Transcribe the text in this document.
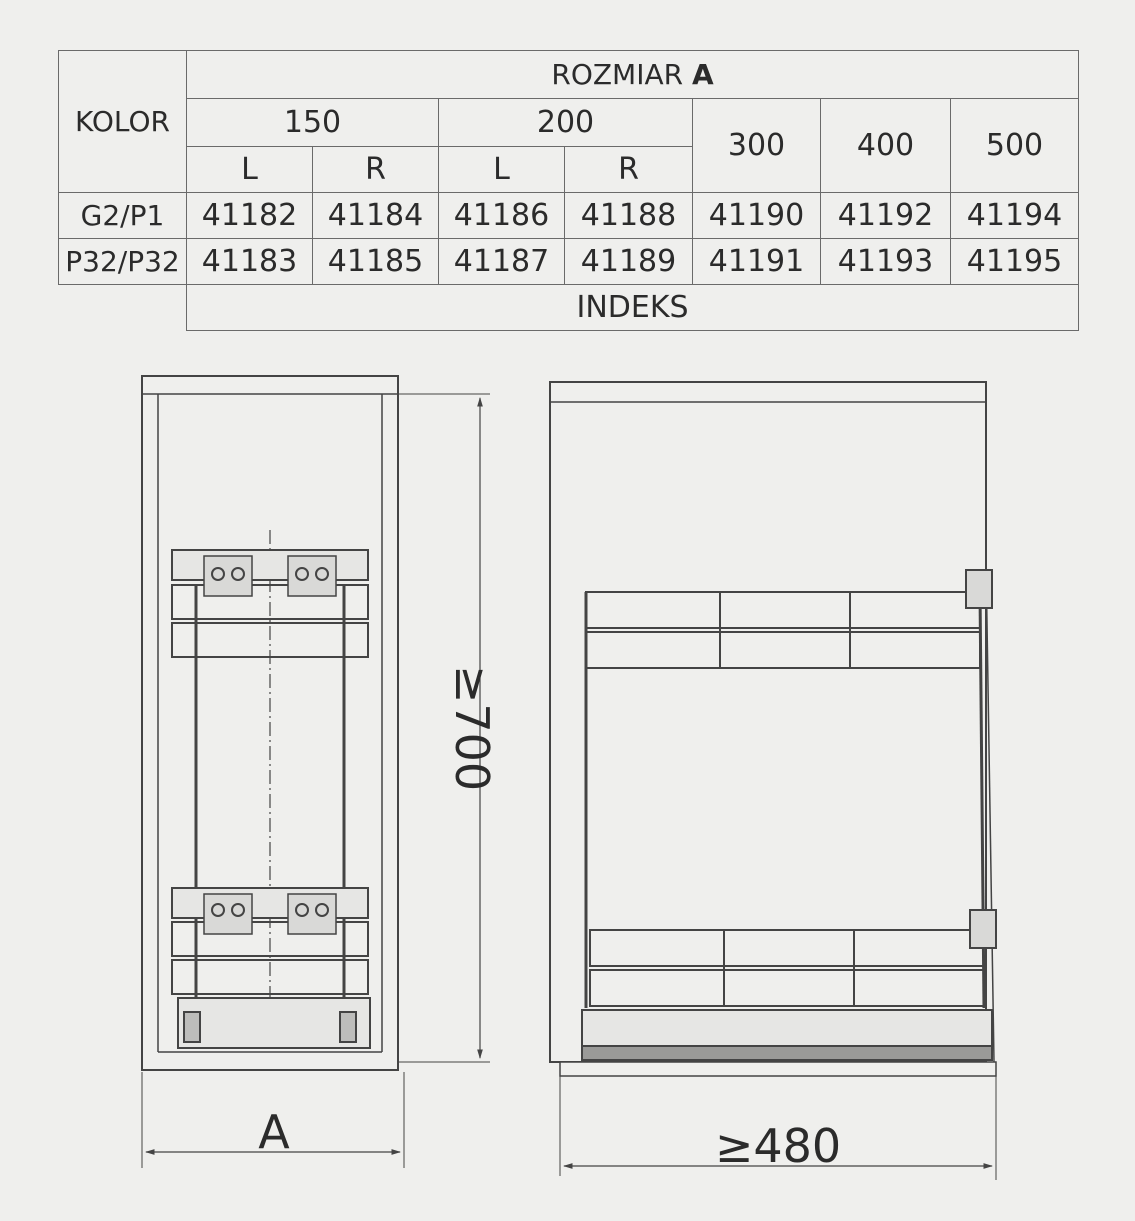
KOLOR	ROZMIAR A						
	150		200		300	400	500
	L	R	L	R			
G2/P1	41182	41184	41186	41188	41190	41192	41194
P32/P32	41183	41185	41187	41189	41191	41193	41195
	INDEKS						
≥700
A	≥480
